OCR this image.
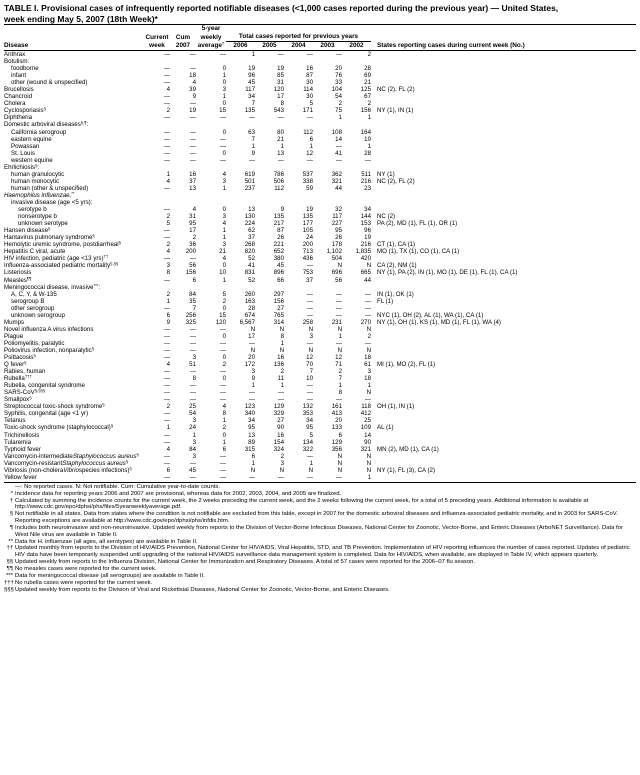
TABLE I. Provisional cases of infrequently reported notifiable diseases (<1,000 cases reported during the previous year) — United States,
week ending May 5, 2007 (18th Week)*
			5-year						
	Current	Cum	weekly	Total cases reported for previous years					
Disease	week	2007	average†	2006	2005	2004	2003	2002	States reporting cases during current week (No.)
Anthrax	—	—	—	1	—	—	—	2	
Botulism:									
foodborne	—	—	0	19	19	16	20	28	
infant	—	18	1	96	85	87	76	69	
other (wound & unspecified)	—	4	0	45	31	30	33	21	
Brucellosis	4	39	3	117	120	114	104	125	NC (2), FL (2)
Chancroid	—	9	1	34	17	30	54	67	
Cholera	—	—	0	7	8	5	2	2	
Cyclosporiasis§	2	19	15	135	543	171	75	156	NY (1), IN (1)
Diphtheria	—	—	—	—	—	—	1	1	
Domestic arboviral diseases§,¶:									
California serogroup	—	—	0	63	80	112	108	164	
eastern equine	—	—	—	7	21	6	14	10	
Powassan	—	—	—	1	1	1	—	1	
St. Louis	—	—	0	9	13	12	41	28	
western equine	—	—	—	—	—	—	—	—	
Ehrlichiosis§:									
human granulocytic	1	16	4	619	786	537	362	511	NY (1)
human monocytic	4	37	3	501	506	338	321	216	NC (2), FL (2)
human (other & unspecified)	—	13	1	237	112	59	44	23	
Haemophilus influenzae,**									
invasive disease (age <5 yrs):									
serotype b	—	4	0	13	9	19	32	34	
nonserotype b	2	31	3	130	135	135	117	144	NC (2)
unknown serotype	5	95	4	224	217	177	227	153	PA (2), MD (1), FL (1), OR (1)
Hansen disease§	—	17	1	62	87	105	95	96	
Hantavirus pulmonary syndrome§	—	2	1	37	26	24	26	19	
Hemolytic uremic syndrome, postdiarrheal§	2	36	3	268	221	200	178	216	CT (1), CA (1)
Hepatitis C viral, acute	4	200	21	820	652	713	1,102	1,835	MO (1), TX (1), CO (1), CA (1)
HIV infection, pediatric (age <13 yrs)††	—	—	4	52	380	436	504	420	
Influenza-associated pediatric mortality§,§§	3	56	0	41	45	—	N	N	CA (2), NM (1)
Listeriosis	8	156	10	831	896	753	696	665	NY (1), PA (2), IN (1), MO (1), DE (1), FL (1), CA (1)
Measles¶¶	—	6	1	52	66	37	56	44	
Meningococcal disease, invasive***:									
A, C, Y, & W-135	2	84	5	260	297	—	—	—	IN (1), OK (1)
serogroup B	1	35	2	163	156	—	—	—	FL (1)
other serogroup	—	7	0	28	27	—	—	—	
unknown serogroup	6	256	15	674	765	—	—	—	NYC (1), OH (2), AL (1), WA (1), CA (1)
Mumps	9	325	120	6,567	314	258	231	270	NY (1), OH (1), KS (1), MD (1), FL (1), WA (4)
Novel influenza A virus infections	—	—	—	N	N	N	N	N	
Plague	—	—	0	17	8	3	1	2	
Poliomyelitis, paralytic	—	—	—	—	1	—	—	—	
Poliovirus infection, nonparalytic§	—	—	—	N	N	N	N	N	
Psittacosis§	—	3	0	20	16	12	12	18	
Q fever§	4	51	2	172	136	70	71	61	MI (1), MO (2), FL (1)
Rabies, human	—	—	—	3	2	7	2	3	
Rubella†††	—	8	0	9	11	10	7	18	
Rubella, congenital syndrome	—	—	—	1	1	—	1	1	
SARS-CoV§,§§§	—	—	—	—	—	—	8	N	
Smallpox§	—	—	—	—	—	—	—	—	
Streptococcal toxic-shock syndrome§	2	25	4	123	129	132	161	118	OH (1), IN (1)
Syphilis, congenital (age <1 yr)	—	54	8	340	329	353	413	412	
Tetanus	—	3	1	34	27	34	20	25	
Toxic-shock syndrome (staphylococcal)§	1	24	2	95	90	95	133	109	AL (1)
Trichinellosis	—	1	0	13	16	5	6	14	
Tularemia	—	3	1	89	154	134	129	90	
Typhoid fever	4	84	6	315	324	322	356	321	MN (2), MD (1), CA (1)
Vancomycin-intermediateStaphylococcus aureus§	—	3	—	6	2	—	N	N	
Vancomycin-resistantStaphylococcus aureus§	—	—	—	1	3	1	N	N	
Vibriosis (non-choleraVibriospecies infections)§	6	45	—	N	N	N	N	N	NY (1), FL (3), CA (2)
Yellow fever	—	—	—	—	—	—	—	1	
—: No reported cases. N: Not notifiable. Cum: Cumulative year-to-date counts.
* Incidence data for reporting years 2006 and 2007 are provisional, whereas data for 2002, 2003, 2004, and 2005 are finalized.
† Calculated by summing the incidence counts for the current week, the 2 weeks preceding the current week, and the 2 weeks following the current week, for a total of 5 preceding years. Additional information is available at http://www.cdc.gov/epo/dphsi/phs/files/5yearweeklyaverage.pdf.
§ Not notifiable in all states. Data from states where the condition is not notifiable are excluded from this table, except in 2007 for the domestic arboviral diseases and influenza-associated pediatric mortality, and in 2003 for SARS-CoV. Reporting exceptions are available at http://www.cdc.gov/epo/dphsi/phs/infdis.htm.
¶ Includes both neuroinvasive and non-neuroinvasive. Updated weekly from reports to the Division of Vector-Borne Infectious Diseases, National Center for Zoonotic, Vector-Borne, and Enteric Diseases (ArboNET Surveillance). Data for West Nile virus are available in Table II.
** Data for H. influenzae (all ages, all serotypes) are available in Table II.
†† Updated monthly from reports to the Division of HIV/AIDS Prevention, National Center for HIV/AIDS, Viral Hepatitis, STD, and TB Prevention. Implementation of HIV reporting influences the number of cases reported. Updates of pediatric HIV data have been temporarily suspended until upgrading of the national HIV/AIDS surveillance data management system is completed. Data for HIV/AIDS, when available, are displayed in Table IV, which appears quarterly.
§§ Updated weekly from reports to the Influenza Division, National Center for Immunization and Respiratory Diseases. A total of 57 cases were reported for the 2006–07 flu season.
¶¶ No measles cases were reported for the current week.
*** Data for meningococcal disease (all serogroups) are available in Table II.
††† No rubella cases were reported for the current week.
§§§ Updated weekly from reports to the Division of Viral and Rickettsial Diseases, National Center for Zoonotic, Vector-Borne, and Enteric Diseases.
